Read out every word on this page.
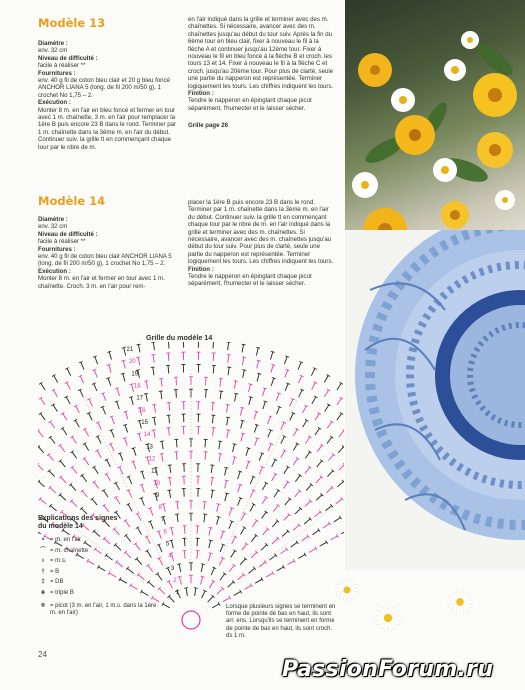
Modèle 13
Diamètre :
env. 32 cm
Niveau de difficulté :
facile à réaliser **
Fournitures :
env. 40 g fil de coton bleu clair et 20 g bleu foncé ANCHOR LIANA 5 (long. de fil 200 m/50 g), 1 crochet No 1,75 – 2.
Exécution :
Monter 8 m. en l'air en bleu foncé et fermer en tour avec 1 m. chaînette, 3 m. en l'air pour remplacer la 1ère B puis encore 23 B dans le rond. Terminer par 1 m. chaînette dans la 3ème m. en l'air du début. Continuer suiv. la grille tt en commençant chaque tour par le nbre de m.
en l'air indiqué dans la grille et terminer avec des m. chaînettes. Si nécessaire, avancer avec des m. chaînettes jusqu'au début du tour suiv. Après la fin du 6ème tour en bleu clair, fixer à nouveau le fil à la flèche A et continuer jusqu'au 12ème tour. Fixer à nouveau le fil en bleu foncé à la flèche B et croch. les tours 13 et 14. Fixer à nouveau le fil à la flèche C et croch. jusqu'au 20ème tour. Pour plus de clarté, seule une partie du napperon est représentée. Terminer logiquement les tours. Les chiffres indiquent les tours.
Finition :
Tendre le napperon en épinglant chaque picot séparément, l'humecter et le laisser sécher.
Grille page 26
Modèle 14
Diamètre :
env. 32 cm
Niveau de difficulté :
facile à réaliser **
Fournitures :
env. 40 g fil de coton bleu clair ANCHOR LIANA 5 (long. de fil 200 m/50 g), 1 crochet No 1,75 – 2.
Exécution :
Monter 8 m. en l'air et fermer en tour avec 1 m. chaînette. Croch. 3 m. en l'air pour rem-
placer la 1ère B puis encore 23 B dans le rond. Terminer par 1 m. chaînette dans la 3ème m. en l'air du début. Continuer suiv. la grille tt en commençant chaque tour par le nbre de m. en l'air indiqué dans la grille et terminer avec des m. chaînettes. Si nécessaire, avancer avec des m. chaînettes jusqu'au début du tour suiv. Pour plus de clarté, seule une partie du napperon est représentée. Terminer logiquement les tours. Les chiffres indiquent les tours.
Finition :
Tendre le napperon en épinglant chaque picot séparément, l'humecter et le laisser sécher.
Grille du modèle 14
21
20
19
18
17
16
15
14
13
12
11
10
9
8
7
6
5
4
3
2
1
Explications des signes du modèle 14
• = m. en l'air
⌒ = m. chaînette
ı	= m.s.
† = B
‡ = DB
⧺ = triple B
⌾ = picot (3 m. en l'air, 1 m.s. dans la 1ère m. en l'air)
Lorsque plusieurs signes se terminent en forme de pointe de bas en haut, ils sont arr. ens. Lorsqu'ils se terminent en forme de pointe de bas en haut, ils sont croch. ds 1 m.
24
PassionForum.ru
